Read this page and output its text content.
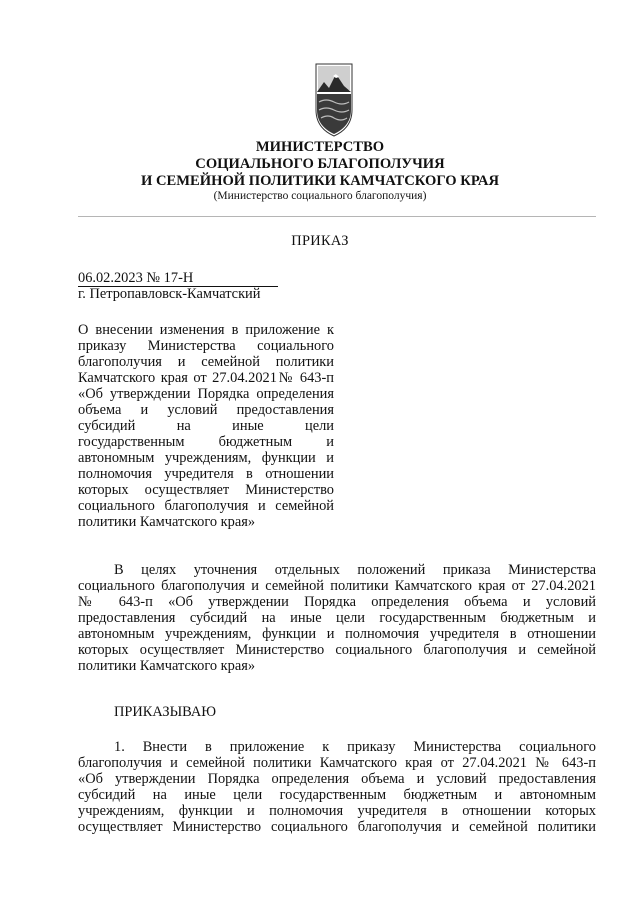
МИНИСТЕРСТВО
СОЦИАЛЬНОГО БЛАГОПОЛУЧИЯ
И СЕМЕЙНОЙ ПОЛИТИКИ КАМЧАТСКОГО КРАЯ
(Министерство социального благополучия)
ПРИКАЗ
06.02.2023 № 17-Н
г. Петропавловск-Камчатский
О внесении изменения в приложение к
приказу Министерства социального
благополучия и семейной политики
Камчатского края от 27.04.2021№ 643-п
«Об утверждении Порядка определения
объема и условий предоставления
субсидий на иные цели
государственным бюджетным и
автономным учреждениям, функции и
полномочия учредителя в отношении
которых осуществляет Министерство
социального благополучия и семейной
политики Камчатского края»
В целях уточнения отдельных положений приказа Министерства
социального благополучия и семейной политики Камчатского края от 27.04.2021
№ 643-п «Об утверждении Порядка определения объема и условий
предоставления субсидий на иные цели государственным бюджетным и
автономным учреждениям, функции и полномочия учредителя в отношении
которых осуществляет Министерство социального благополучия и семейной
политики Камчатского края»
ПРИКАЗЫВАЮ
1. Внести в приложение к приказу Министерства социального
благополучия и семейной политики Камчатского края от 27.04.2021 № 643-п
«Об утверждении Порядка определения объема и условий предоставления
субсидий на иные цели государственным бюджетным и автономным
учреждениям, функции и полномочия учредителя в отношении которых
осуществляет Министерство социального благополучия и семейной политики
